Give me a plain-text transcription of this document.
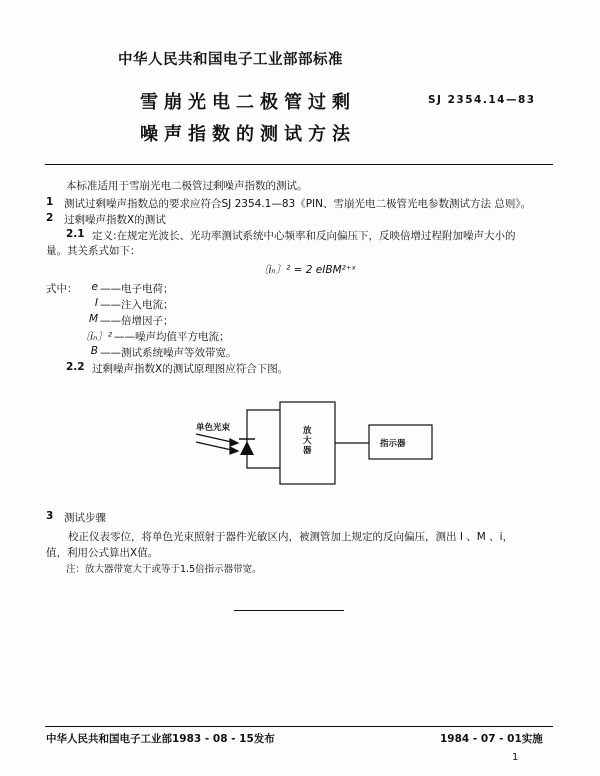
中华人民共和国电子工业部部标准
雪崩光电二极管过剩
噪声指数的测试方法
SJ 2354.14—83
本标准适用于雪崩光电二极管过剩噪声指数的测试。
1 测试过剩噪声指数总的要求应符合SJ 2354.1—83《PIN、雪崩光电二极管光电参数测试方法 总则》。
2 过剩噪声指数X的测试
2.1 定义:在规定光波长、光功率测试系统中心频率和反向偏压下，反映倍增过程附加噪声大小的
量。其关系式如下：
〔iₙ〕² = 2 eIBM²⁺ˣ
式中：	e ——电子电荷；
I ——注入电流；
M ——倍增因子；
〔iₙ〕² ——噪声均值平方电流；
B ——测试系统噪声等效带宽。
2.2 过剩噪声指数X的测试原理图应符合下图。
单色光束	放
大
器
指示器
3 测试步骤
校正仪表零位，将单色光束照射于器件光敏区内，被测管加上规定的反向偏压，测出 I 、M 、i，
值，利用公式算出X值。
注：放大器带宽大于或等于1.5倍指示器带宽。
中华人民共和国电子工业部1983 - 08 - 15发布	1984 - 07 - 01实施
1
